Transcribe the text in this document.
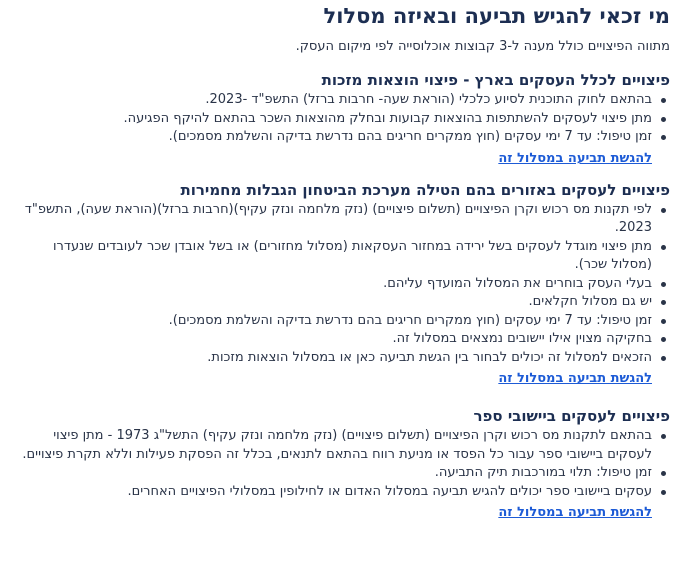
מי זכאי להגיש תביעה ובאיזה מסלול

מתווה הפיצויים כולל מענה ל-3 קבוצות אוכלוסייה לפי מיקום העסק.

פיצויים לכלל העסקים בארץ - פיצוי הוצאות מזכות
בהתאם לחוק התוכנית לסיוע כלכלי (הוראת שעה- חרבות ברזל) התשפ"ד -2023.
מתן פיצוי לעסקים להשתתפות בהוצאות קבועות ובחלק מהוצאות השכר בהתאם להיקף הפגיעה.
זמן טיפול: עד 7 ימי עסקים (חוץ ממקרים חריגים בהם נדרשת בדיקה והשלמת מסמכים).
להגשת תביעה במסלול זה
פיצויים לעסקים באזורים בהם הטילה מערכת הביטחון הגבלות מחמירות
לפי תקנות מס רכוש וקרן הפיצויים (תשלום פיצויים) (נזק מלחמה ונזק עקיף)(חרבות ברזל)(הוראת שעה), התשפ"ד 2023.
מתן פיצוי מוגדל לעסקים בשל ירידה במחזור העסקאות (מסלול מחזורים) או בשל אובדן שכר לעובדים שנעדרו (מסלול שכר).
בעלי העסק בוחרים את המסלול המועדף עליהם.
יש גם מסלול חקלאים.
זמן טיפול: עד 7 ימי עסקים (חוץ ממקרים חריגים בהם נדרשת בדיקה והשלמת מסמכים).
בחקיקה מצוין אילו יישובים נמצאים במסלול זה.
הזכאים למסלול זה יכולים לבחור בין הגשת תביעה כאן או במסלול הוצאות מזכות.
להגשת תביעה במסלול זה
פיצויים לעסקים ביישובי ספר
בהתאם לתקנות מס רכוש וקרן הפיצויים (תשלום פיצויים) (נזק מלחמה ונזק עקיף) התשל"ג 1973 - מתן פיצוי לעסקים ביישובי ספר עבור כל הפסד או מניעת רווח בהתאם לתנאים, בכלל זה הפסקת פעילות וללא תקרת פיצויים.
זמן טיפול: תלוי במורכבות תיק התביעה.
עסקים ביישובי ספר יכולים להגיש תביעה במסלול האדום או לחילופין במסלולי הפיצויים האחרים.
להגשת תביעה במסלול זה
